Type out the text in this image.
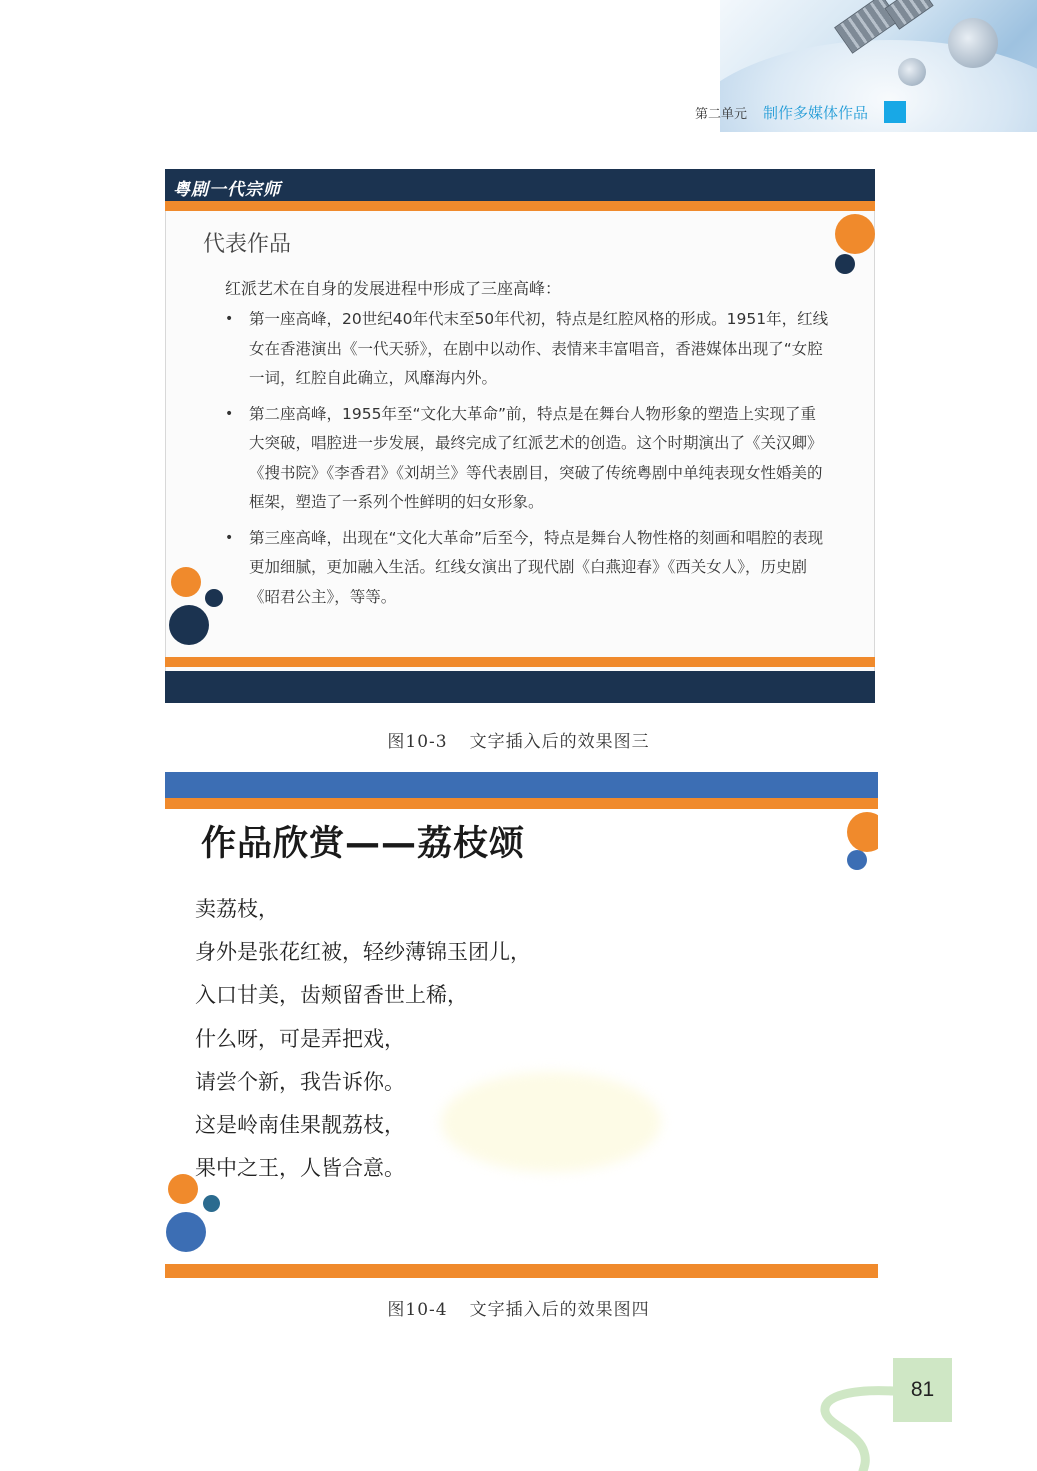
第二单元 制作多媒体作品
粤剧一代宗师
代表作品
红派艺术在自身的发展进程中形成了三座高峰：
• 第一座高峰，20世纪40年代末至50年代初，特点是红腔风格的形成。1951年，红线女在香港演出《一代天骄》，在剧中以动作、表情来丰富唱音，香港媒体出现了“女腔一词，红腔自此确立，风靡海内外。
• 第二座高峰，1955年至“文化大革命”前，特点是在舞台人物形象的塑造上实现了重大突破，唱腔进一步发展，最终完成了红派艺术的创造。这个时期演出了《关汉卿》《搜书院》《李香君》《刘胡兰》等代表剧目，突破了传统粤剧中单纯表现女性婚美的框架，塑造了一系列个性鲜明的妇女形象。
• 第三座高峰，出现在“文化大革命”后至今，特点是舞台人物性格的刻画和唱腔的表现更加细腻，更加融入生活。红线女演出了现代剧《白燕迎春》《西关女人》，历史剧《昭君公主》，等等。
图10-3 文字插入后的效果图三
作品欣赏——荔枝颂
卖荔枝，
身外是张花红被，轻纱薄锦玉团儿，
入口甘美，齿颊留香世上稀，
什么呀，可是弄把戏，
请尝个新，我告诉你。
这是岭南佳果靓荔枝，
果中之王，人皆合意。
图10-4 文字插入后的效果图四
81
